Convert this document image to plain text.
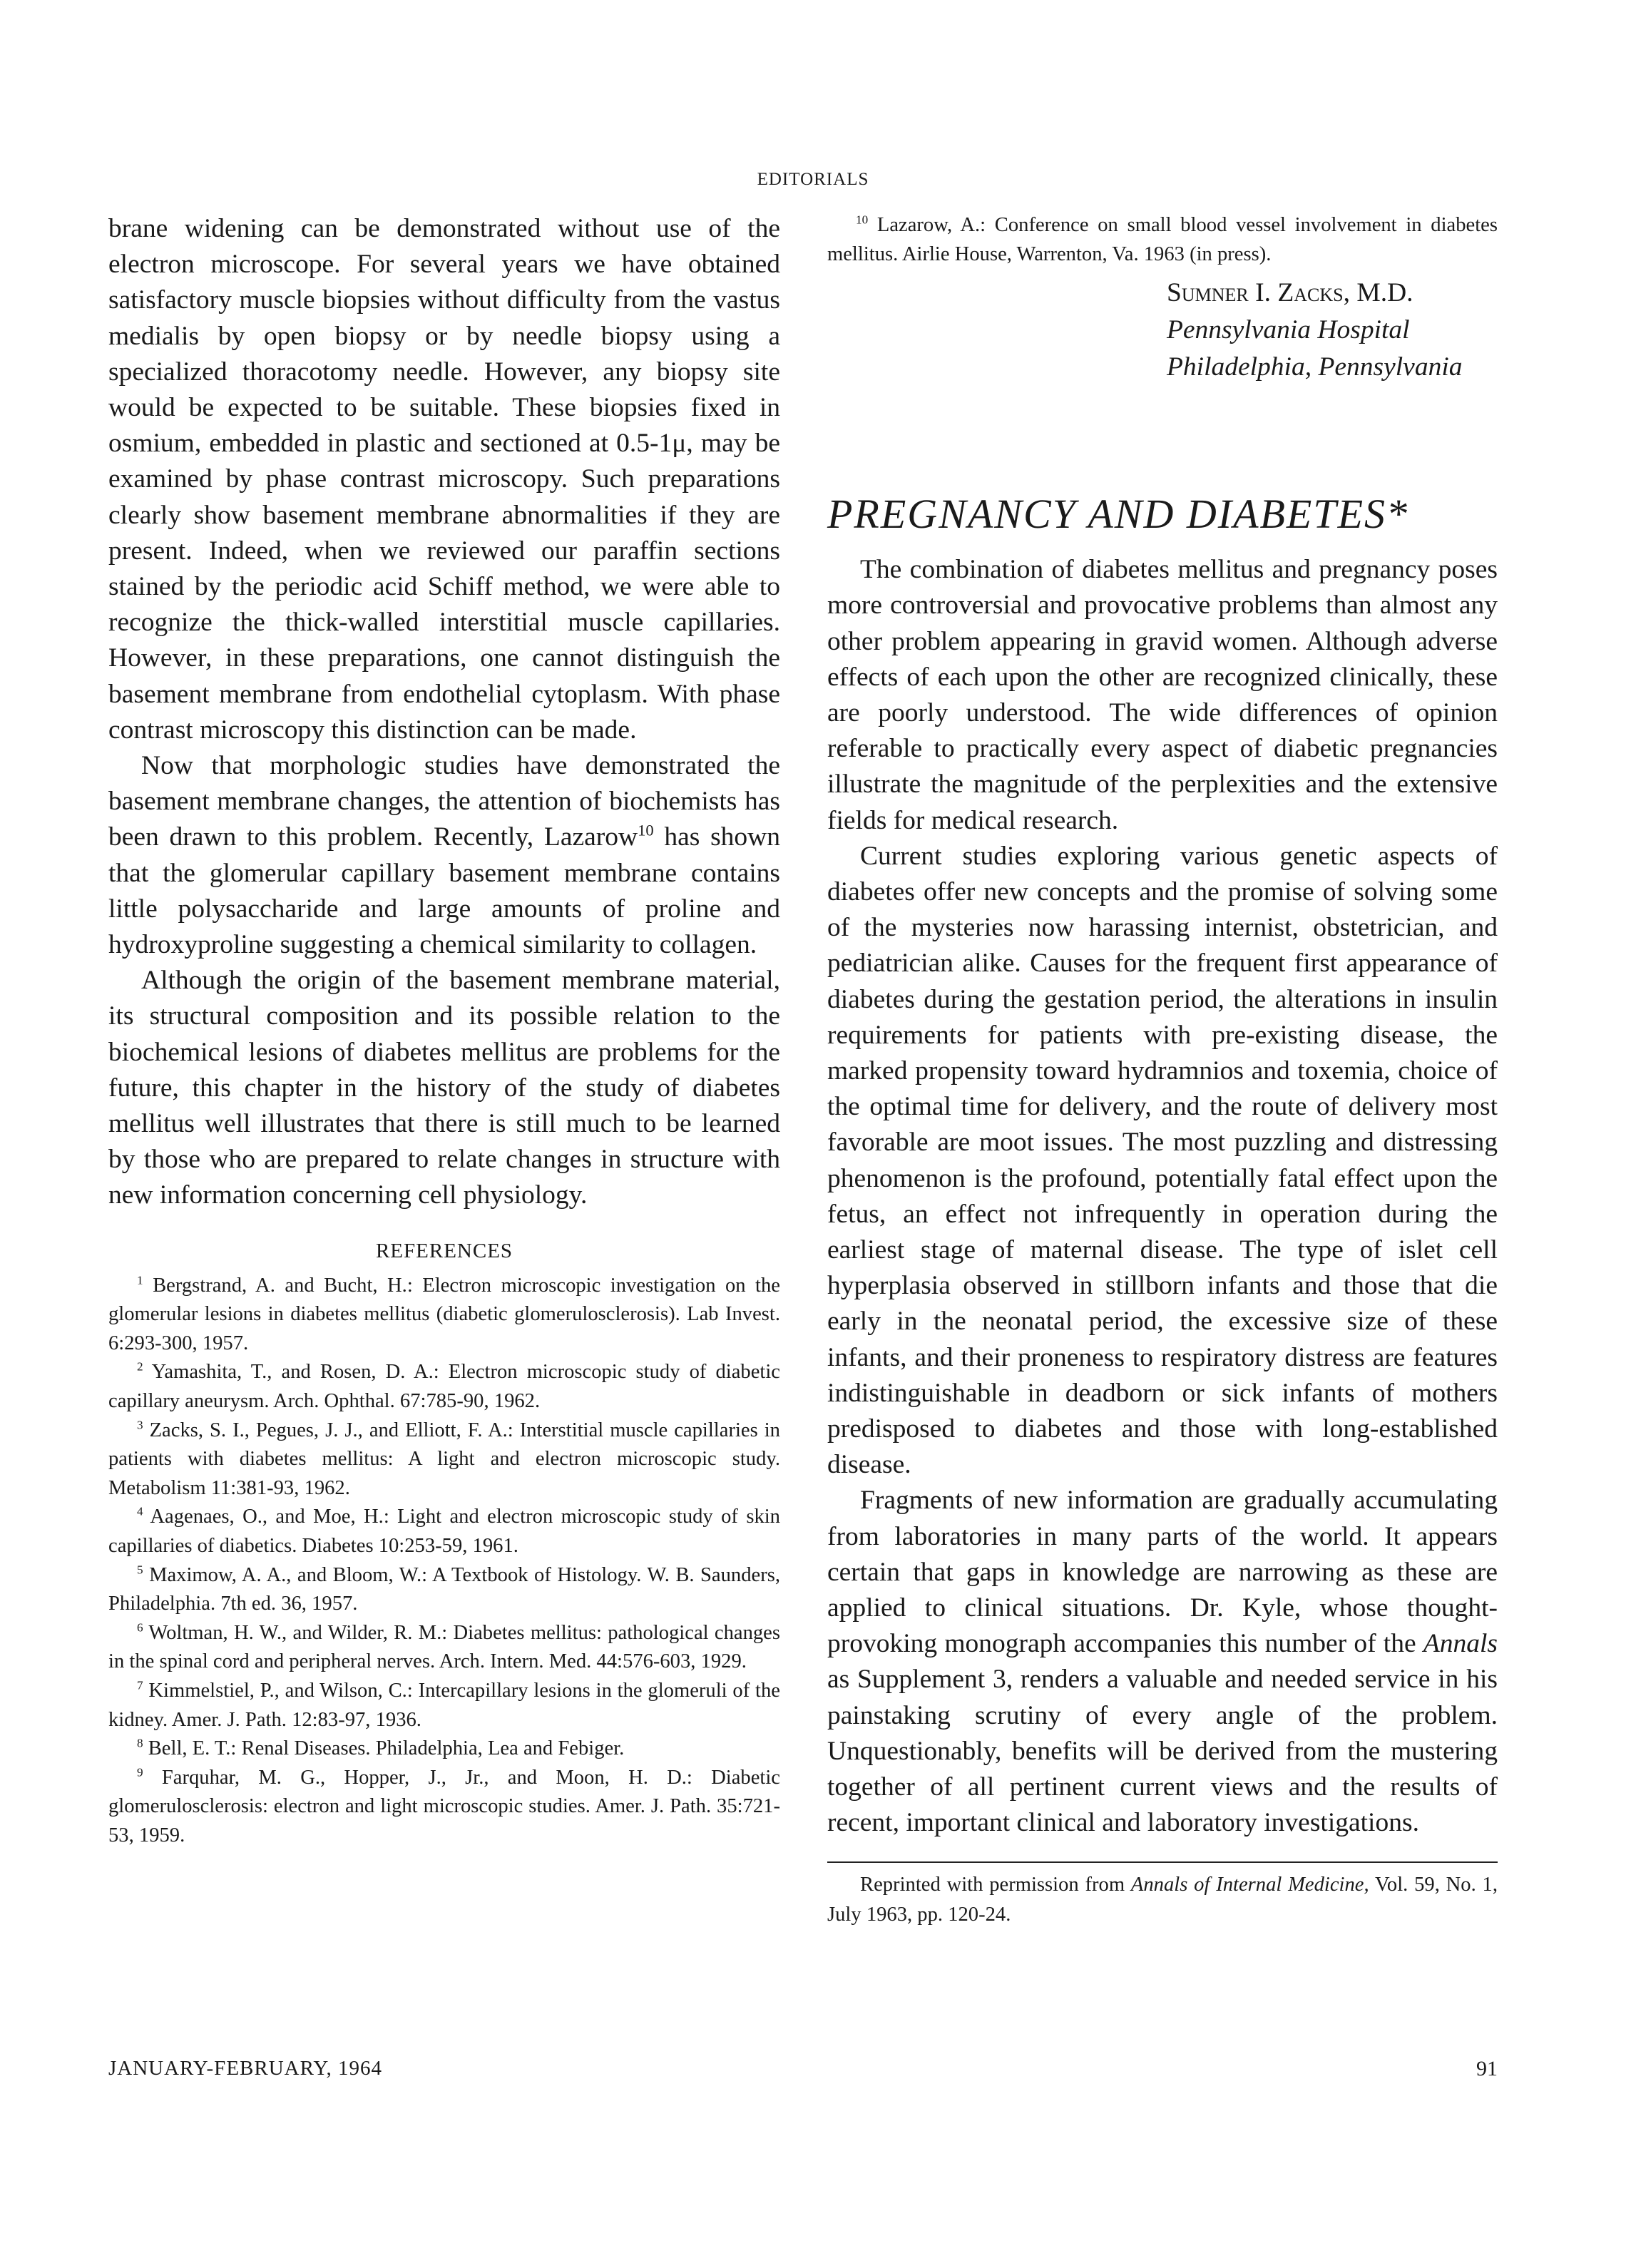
EDITORIALS

brane widening can be demonstrated without use of the electron microscope. For several years we have obtained satisfactory muscle biopsies without difficulty from the vastus medialis by open biopsy or by needle biopsy using a specialized thoracotomy needle. However, any biopsy site would be expected to be suitable. These biopsies fixed in osmium, embedded in plastic and sectioned at 0.5-1μ, may be examined by phase contrast microscopy. Such preparations clearly show basement membrane abnormalities if they are present. Indeed, when we reviewed our paraffin sections stained by the periodic acid Schiff method, we were able to recognize the thick-walled interstitial muscle capillaries. However, in these preparations, one cannot distinguish the basement membrane from endothelial cytoplasm. With phase contrast microscopy this distinction can be made.

Now that morphologic studies have demonstrated the basement membrane changes, the attention of biochemists has been drawn to this problem. Recently, Lazarow$^{10}$ has shown that the glomerular capillary basement membrane contains little polysaccharide and large amounts of proline and hydroxyproline suggesting a chemical similarity to collagen.

Although the origin of the basement membrane material, its structural composition and its possible relation to the biochemical lesions of diabetes mellitus are problems for the future, this chapter in the history of the study of diabetes mellitus well illustrates that there is still much to be learned by those who are prepared to relate changes in structure with new information concerning cell physiology.

REFERENCES

$^1$ Bergstrand, A. and Bucht, H.: Electron microscopic investigation on the glomerular lesions in diabetes mellitus (diabetic glomerulosclerosis). Lab Invest. 6:293-300, 1957.

$^2$ Yamashita, T., and Rosen, D. A.: Electron microscopic study of diabetic capillary aneurysm. Arch. Ophthal. 67:785-90, 1962.

$^3$ Zacks, S. I., Pegues, J. J., and Elliott, F. A.: Interstitial muscle capillaries in patients with diabetes mellitus: A light and electron microscopic study. Metabolism 11:381-93, 1962.

$^4$ Aagenaes, O., and Moe, H.: Light and electron microscopic study of skin capillaries of diabetics. Diabetes 10:253-59, 1961.

$^5$ Maximow, A. A., and Bloom, W.: A Textbook of Histology. W. B. Saunders, Philadelphia. 7th ed. 36, 1957.

$^6$ Woltman, H. W., and Wilder, R. M.: Diabetes mellitus: pathological changes in the spinal cord and peripheral nerves. Arch. Intern. Med. 44:576-603, 1929.

$^7$ Kimmelstiel, P., and Wilson, C.: Intercapillary lesions in the glomeruli of the kidney. Amer. J. Path. 12:83-97, 1936.

$^8$ Bell, E. T.: Renal Diseases. Philadelphia, Lea and Febiger.

$^9$ Farquhar, M. G., Hopper, J., Jr., and Moon, H. D.: Diabetic glomerulosclerosis: electron and light microscopic studies. Amer. J. Path. 35:721-53, 1959.

$^{10}$ Lazarow, A.: Conference on small blood vessel involvement in diabetes mellitus. Airlie House, Warrenton, Va. 1963 (in press).

Sumner I. Zacks, M.D.
Pennsylvania Hospital
Philadelphia, Pennsylvania
PREGNANCY AND DIABETES*

The combination of diabetes mellitus and pregnancy poses more controversial and provocative problems than almost any other problem appearing in gravid women. Although adverse effects of each upon the other are recognized clinically, these are poorly understood. The wide differences of opinion referable to practically every aspect of diabetic pregnancies illustrate the magnitude of the perplexities and the extensive fields for medical research.

Current studies exploring various genetic aspects of diabetes offer new concepts and the promise of solving some of the mysteries now harassing internist, obstetrician, and pediatrician alike. Causes for the frequent first appearance of diabetes during the gestation period, the alterations in insulin requirements for patients with pre-existing disease, the marked propensity toward hydramnios and toxemia, choice of the optimal time for delivery, and the route of delivery most favorable are moot issues. The most puzzling and distressing phenomenon is the profound, potentially fatal effect upon the fetus, an effect not infrequently in operation during the earliest stage of maternal disease. The type of islet cell hyperplasia observed in stillborn infants and those that die early in the neonatal period, the excessive size of these infants, and their proneness to respiratory distress are features indistinguishable in deadborn or sick infants of mothers predisposed to diabetes and those with long-established disease.

Fragments of new information are gradually accumulating from laboratories in many parts of the world. It appears certain that gaps in knowledge are narrowing as these are applied to clinical situations. Dr. Kyle, whose thought-provoking monograph accompanies this number of the Annals as Supplement 3, renders a valuable and needed service in his painstaking scrutiny of every angle of the problem. Unquestionably, benefits will be derived from the mustering together of all pertinent current views and the results of recent, important clinical and laboratory investigations.

Reprinted with permission from Annals of Internal Medicine, Vol. 59, No. 1, July 1963, pp. 120-24.

JANUARY-FEBRUARY, 1964	91
